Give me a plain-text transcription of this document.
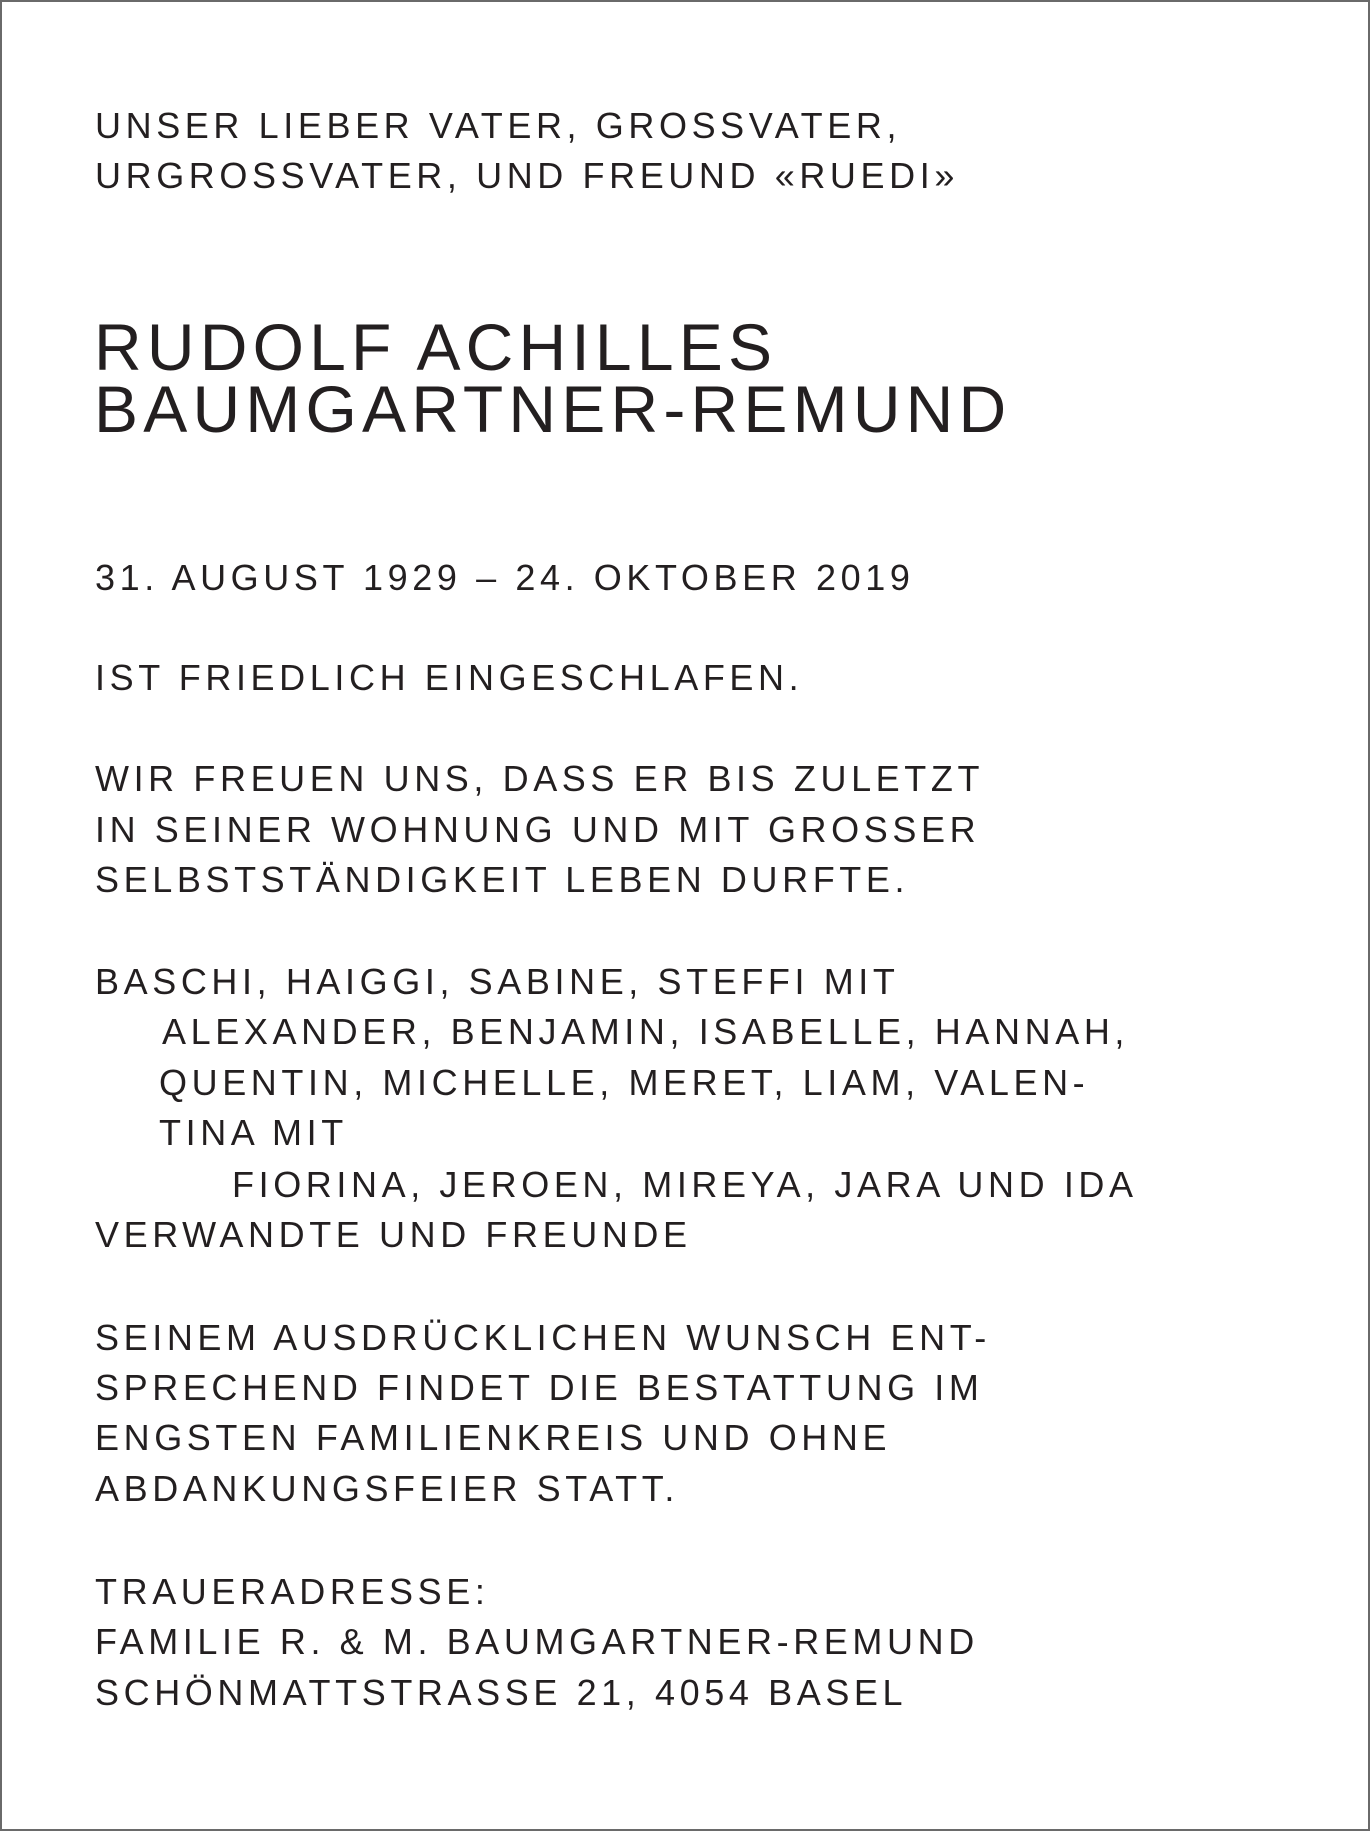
UNSER LIEBER VATER, GROSSVATER,
URGROSSVATER, UND FREUND «RUEDI»
RUDOLF ACHILLES
BAUMGARTNER-REMUND
31. AUGUST 1929 – 24. OKTOBER 2019
IST FRIEDLICH EINGESCHLAFEN.
WIR FREUEN UNS, DASS ER BIS ZULETZT
IN SEINER WOHNUNG UND MIT GROSSER
SELBSTSTÄNDIGKEIT LEBEN DURFTE.
BASCHI, HAIGGI, SABINE, STEFFI MIT
ALEXANDER, BENJAMIN, ISABELLE, HANNAH,
QUENTIN, MICHELLE, MERET, LIAM, VALEN-
TINA MIT
FIORINA, JEROEN, MIREYA, JARA UND IDA
VERWANDTE UND FREUNDE
SEINEM AUSDRÜCKLICHEN WUNSCH ENT-
SPRECHEND FINDET DIE BESTATTUNG IM
ENGSTEN FAMILIENKREIS UND OHNE
ABDANKUNGSFEIER STATT.
TRAUERADRESSE:
FAMILIE R. & M. BAUMGARTNER-REMUND
SCHÖNMATTSTRASSE 21, 4054 BASEL
